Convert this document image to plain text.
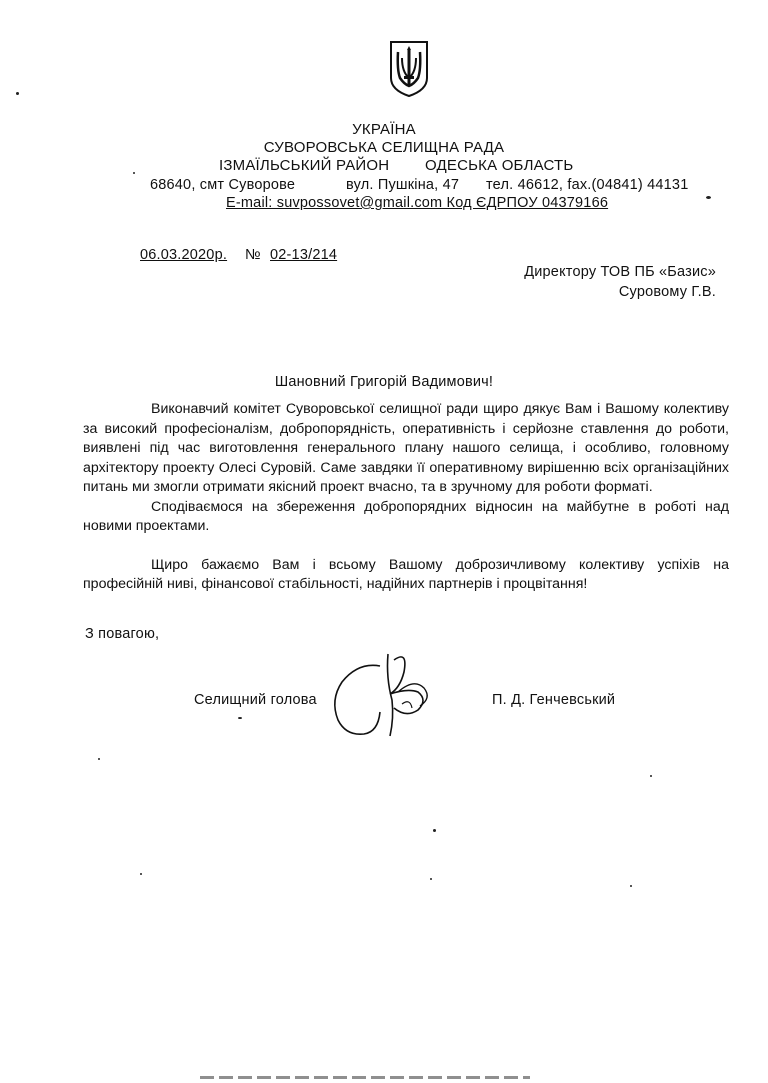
УКРАЇНА
СУВОРОВСЬКА СЕЛИЩНА РАДА
ІЗМАЇЛЬСЬКИЙ РАЙОН ОДЕСЬКА ОБЛАСТЬ
68640, смт Суворове	вул. Пушкіна, 47 тел. 46612, fax.(04841) 44131
E-mail: suvpossovet@gmail.com Код ЄДРПОУ 04379166
06.03.2020р. № 02-13/214
Директору ТОВ ПБ «Базис»
Суровому Г.В.
Шановний Григорій Вадимович!

Виконавчий комітет Суворовської селищної ради щиро дякує Вам і Вашому колективу за високий професіоналізм, добропорядність, оперативність і серйозне ставлення до роботи, виявлені під час виготовлення генерального плану нашого селища, і особливо, головному архітектору проекту Олесі Суровій. Саме завдяки її оперативному вирішенню всіх організаційних питань ми змогли отримати якісний проект вчасно, та в зручному для роботи форматі.

Сподіваємося на збереження добропорядних відносин на майбутне в роботі над новими проектами.

Щиро бажаємо Вам і всьому Вашому доброзичливому колективу успіхів на професійній ниві, фінансової стабільності, надійних партнерів і процвітання!

З повагою,
Селищний голова	П. Д. Генчевський
